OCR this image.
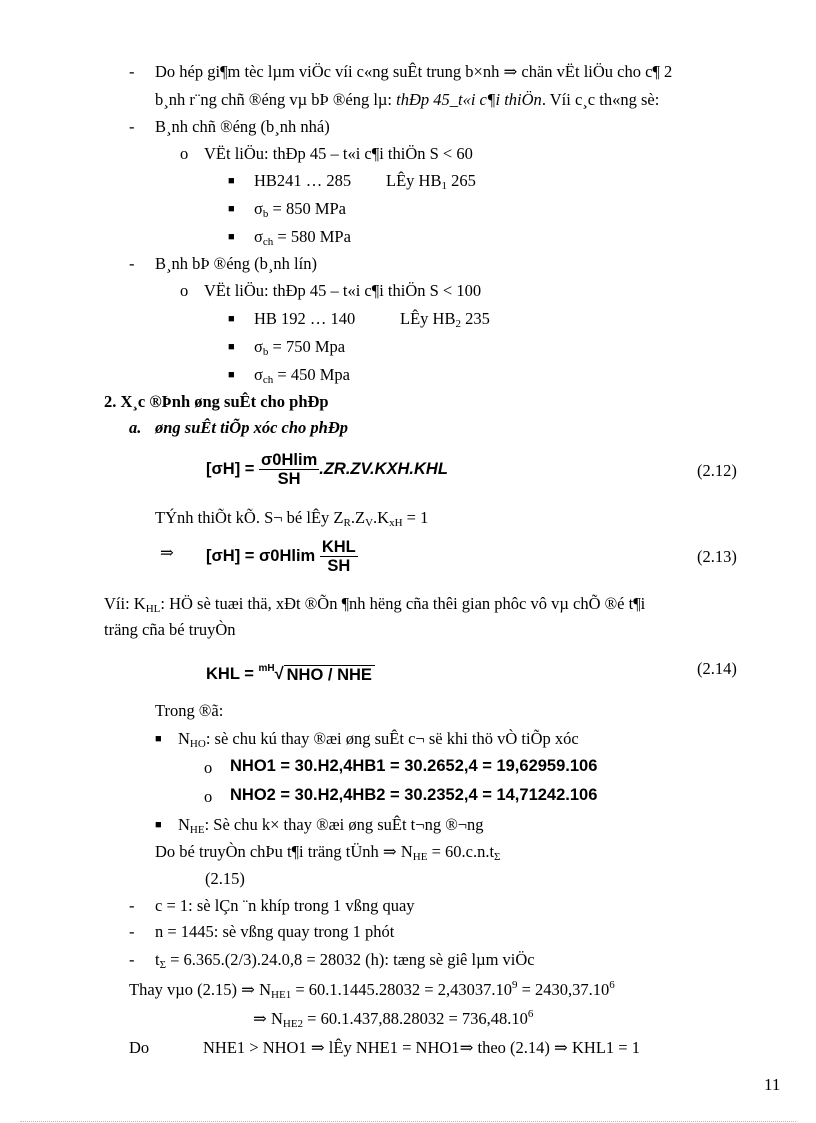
- Do hép gi¶m tèc lµm viÖc víi c«ng suÊt trung b×nh ⇒ chän vËt liÖu cho c¶ 2
b¸nh r¨ng chñ ®éng vµ bÞ ®éng lµ: thÐp 45_t«i c¶i thiÖn. Víi c¸c th«ng sè:
- B¸nh chñ ®éng (b¸nh nhá)
o VËt liÖu: thÐp 45 – t«i c¶i thiÖn S < 60
■ HB241 … 285 LÊy $HB_1$ 265
■ $\sigma_b = 850$ MPa
■ $\sigma_{ch} = 580$ MPa
- B¸nh bÞ ®éng (b¸nh lín)
o VËt liÖu: thÐp 45 – t«i c¶i thiÖn S < 100
■ HB 192 … 140	LÊy $HB_2$ 235
■ $\sigma_b = 750$ Mpa
■ $\sigma_{ch} = 450$ Mpa
2. X¸c ®Þnh øng suÊt cho phÐp
a. øng suÊt tiÕp xóc cho phÐp
$[\sigma H] = \frac{\sigma 0Hlim}{SH} .ZR.ZV.KXH.KHL$	(2.12)
TÝnh thiÕt kÕ. S¬ bé lÊy $Z_R.Z_V.K_{xH} = 1$
⇒ $[\sigma H] = \sigma 0Hlim \frac{\text{KHL}}{SH}$	(2.13)
Víi: $K_{HL}$: HÖ sè tuæi thä, xÐt ®Õn ¶nh hëng cña thêi gian phôc vô vµ chÕ ®é t¶i
träng cña bé truyÒn
KHL = $^{mH}$√ NHO / NHE	(2.14)
Trong ®ã:
■ $N_{HO}$: sè chu kú thay ®æi øng suÊt c¬ së khi thö vÒ tiÕp xóc
o NHO1 = 30.H2,4HB1 = 30.2652,4 = 19,62959.106
o NHO2 = 30.H2,4HB2 = 30.2352,4 = 14,71242.106
■ $N_{HE}$: Sè chu k× thay ®æi øng suÊt t¬ng ®¬ng
Do bé truyÒn chÞu t¶i träng tÜnh ⇒ $N_{HE} = 60.c.n.t_\Sigma$
(2.15)
- c = 1: sè lÇn ¨n khíp trong 1 vßng quay
- n = 1445: sè vßng quay trong 1 phót
- $t_\Sigma = 6.365.(2/3).24.0,8 = 28032$ (h): tæng sè giê lµm viÖc
Thay vµo (2.15) ⇒ $N_{HE1} = 60.1.1445.28032 = 2,43037.10^9 = 2430,37.10^6$
⇒ $N_{HE2} = 60.1.437,88.28032 = 736,48.10^6$
Do	NHE1 > NHO1 ⇒ lÊy NHE1 = NHO1⇒ theo (2.14) ⇒ KHL1 = 1
11
